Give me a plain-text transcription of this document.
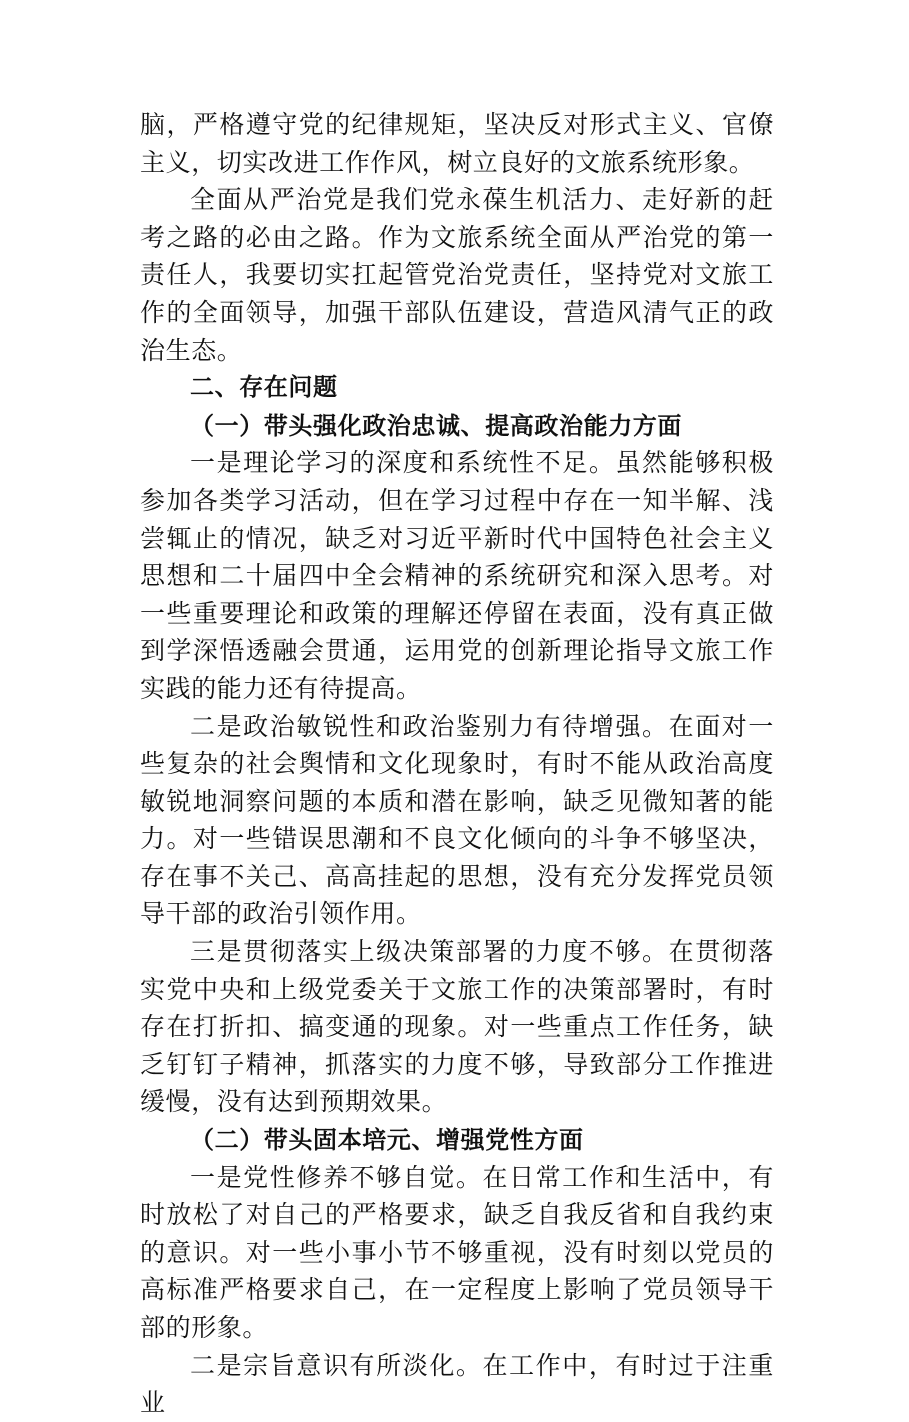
脑，严格遵守党的纪律规矩，坚决反对形式主义、官僚主义，切实改进工作作风，树立良好的文旅系统形象。

全面从严治党是我们党永葆生机活力、走好新的赶考之路的必由之路。作为文旅系统全面从严治党的第一责任人，我要切实扛起管党治党责任，坚持党对文旅工作的全面领导，加强干部队伍建设，营造风清气正的政治生态。

二、存在问题

（一）带头强化政治忠诚、提高政治能力方面

一是理论学习的深度和系统性不足。虽然能够积极参加各类学习活动，但在学习过程中存在一知半解、浅尝辄止的情况，缺乏对习近平新时代中国特色社会主义思想和二十届四中全会精神的系统研究和深入思考。对一些重要理论和政策的理解还停留在表面，没有真正做到学深悟透融会贯通，运用党的创新理论指导文旅工作实践的能力还有待提高。

二是政治敏锐性和政治鉴别力有待增强。在面对一些复杂的社会舆情和文化现象时，有时不能从政治高度敏锐地洞察问题的本质和潜在影响，缺乏见微知著的能力。对一些错误思潮和不良文化倾向的斗争不够坚决，存在事不关己、高高挂起的思想，没有充分发挥党员领导干部的政治引领作用。

三是贯彻落实上级决策部署的力度不够。在贯彻落实党中央和上级党委关于文旅工作的决策部署时，有时存在打折扣、搞变通的现象。对一些重点工作任务，缺乏钉钉子精神，抓落实的力度不够，导致部分工作推进缓慢，没有达到预期效果。

（二）带头固本培元、增强党性方面

一是党性修养不够自觉。在日常工作和生活中，有时放松了对自己的严格要求，缺乏自我反省和自我约束的意识。对一些小事小节不够重视，没有时刻以党员的高标准严格要求自己，在一定程度上影响了党员领导干部的形象。

二是宗旨意识有所淡化。在工作中，有时过于注重业
